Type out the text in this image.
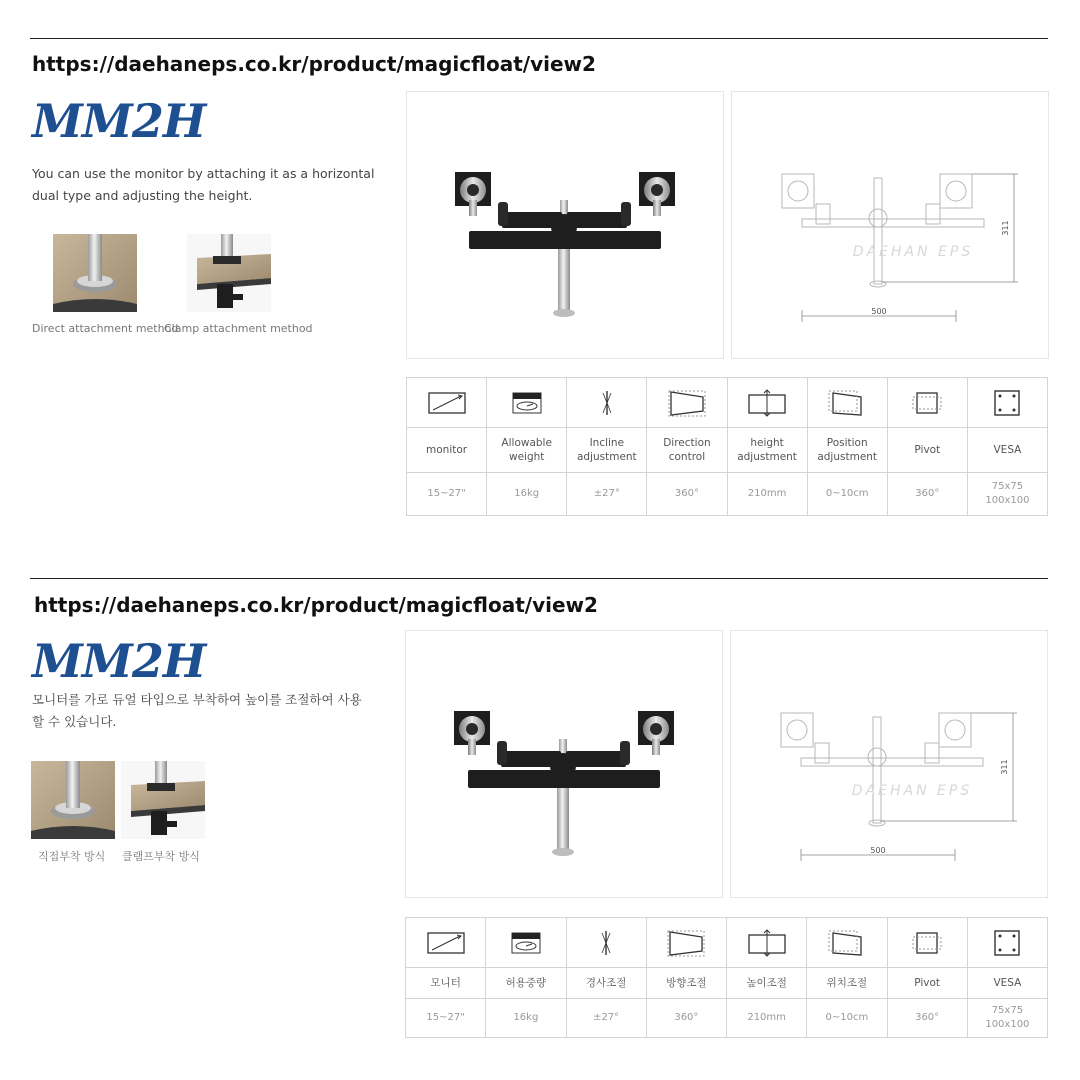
https://daehaneps.co.kr/product/magicfloat/view2
MM2H
You can use the monitor by attaching it as a horizontal dual type and adjusting the height.
Direct attachment method
Clamp attachment method
500
311
DAEHAN EPS

monitor	Allowable weight	Incline adjustment	Direction control	height adjustment	Position adjustment	Pivot	VESA
15~27"	16kg	±27°	360°	210mm	0~10cm	360°	75x75
100x100
https://daehaneps.co.kr/product/magicfloat/view2
MM2H
모니터를 가로 듀얼 타입으로 부착하여 높이를 조절하여 사용할 수 있습니다.
직접부착 방식 클램프부착 방식	500
311
DAEHAN EPS

모니터	허용중량	경사조절	방향조절	높이조절	위치조절	Pivot	VESA
15~27"	16kg	±27°	360°	210mm	0~10cm	360°	75x75
100x100
